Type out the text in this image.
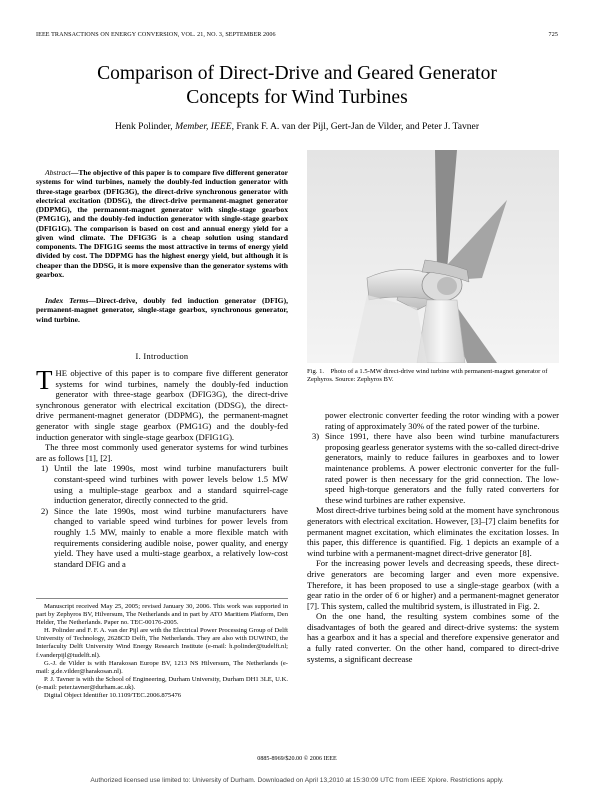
IEEE TRANSACTIONS ON ENERGY CONVERSION, VOL. 21, NO. 3, SEPTEMBER 2006	725
Comparison of Direct-Drive and Geared Generator
Concepts for Wind Turbines
Henk Polinder, Member, IEEE, Frank F. A. van der Pijl, Gert-Jan de Vilder, and Peter J. Tavner
Abstract—The objective of this paper is to compare five different generator systems for wind turbines, namely the doubly-fed induction generator with three-stage gearbox (DFIG3G), the direct-drive synchronous generator with electrical excitation (DDSG), the direct-drive permanent-magnet generator (DDPMG), the permanent-magnet generator with single-stage gearbox (PMG1G), and the doubly-fed induction generator with single-stage gearbox (DFIG1G). The comparison is based on cost and annual energy yield for a given wind climate. The DFIG3G is a cheap solution using standard components. The DFIG1G seems the most attractive in terms of energy yield divided by cost. The DDPMG has the highest energy yield, but although it is cheaper than the DDSG, it is more expensive than the generator systems with gearbox.
Index Terms—Direct-drive, doubly fed induction generator (DFIG), permanent-magnet generator, single-stage gearbox, synchronous generator, wind turbine.
I. Introduction

THE objective of this paper is to compare five different generator systems for wind turbines, namely the doubly-fed induction generator with three-stage gearbox (DFIG3G), the direct-drive synchronous generator with electrical excitation (DDSG), the direct-drive permanent-magnet generator (DDPMG), the permanent-magnet generator with single stage gearbox (PMG1G) and the doubly-fed induction generator with single-stage gearbox (DFIG1G).

The three most commonly used generator systems for wind turbines are as follows [1], [2].

1) Until the late 1990s, most wind turbine manufacturers built constant-speed wind turbines with power levels below 1.5 MW using a multiple-stage gearbox and a standard squirrel-cage induction generator, directly connected to the grid.
2) Since the late 1990s, most wind turbine manufacturers have changed to variable speed wind turbines for power levels from roughly 1.5 MW, mainly to enable a more flexible match with requirements considering audible noise, power quality, and energy yield. They have used a multi-stage gearbox, a relatively low-cost standard DFIG and a

Manuscript received May 25, 2005; revised January 30, 2006. This work was supported in part by Zephyros BV, Hilversum, The Netherlands and in part by ATO Maritiem Platform, Den Helder, The Netherlands. Paper no. TEC-00176-2005.

H. Polinder and F. F. A. van der Pijl are with the Electrical Power Processing Group of Delft University of Technology, 2628CD Delft, The Netherlands. They are also with DUWIND, the Interfaculty Delft University Wind Energy Research Institute (e-mail: h.polinder@tudelft.nl; f.vanderpijl@tudelft.nl).

G.-J. de Vilder is with Harakosan Europe BV, 1213 NS Hilversum, The Netherlands (e-mail: g.de.vilder@harakosan.nl).

P. J. Tavner is with the School of Engineering, Durham University, Durham DH1 3LE, U.K. (e-mail: peter.tavner@durham.ac.uk).

Digital Object Identifier 10.1109/TEC.2006.875476

Fig. 1. Photo of a 1.5-MW direct-drive wind turbine with permanent-magnet generator of Zephyros. Source: Zephyros BV.

power electronic converter feeding the rotor winding with a power rating of approximately 30% of the rated power of the turbine.

3) Since 1991, there have also been wind turbine manufacturers proposing gearless generator systems with the so-called direct-drive generators, mainly to reduce failures in gearboxes and to lower maintenance problems. A power electronic converter for the full-rated power is then necessary for the grid connection. The low-speed high-torque generators and the fully rated converters for these wind turbines are rather expensive.

Most direct-drive turbines being sold at the moment have synchronous generators with electrical excitation. However, [3]–[7] claim benefits for permanent magnet excitation, which eliminates the excitation losses. In this paper, this difference is quantified. Fig. 1 depicts an example of a wind turbine with a permanent-magnet direct-drive generator [8].

For the increasing power levels and decreasing speeds, these direct-drive generators are becoming larger and even more expensive. Therefore, it has been proposed to use a single-stage gearbox (with a gear ratio in the order of 6 or higher) and a permanent-magnet generator [7]. This system, called the multibrid system, is illustrated in Fig. 2.

On the one hand, the resulting system combines some of the disadvantages of both the geared and direct-drive systems: the system has a gearbox and it has a special and therefore expensive generator and a fully rated converter. On the other hand, compared to direct-drive systems, a significant decrease

0885-8969/$20.00 © 2006 IEEE
Authorized licensed use limited to: University of Durham. Downloaded on April 13,2010 at 15:30:09 UTC from IEEE Xplore. Restrictions apply.
